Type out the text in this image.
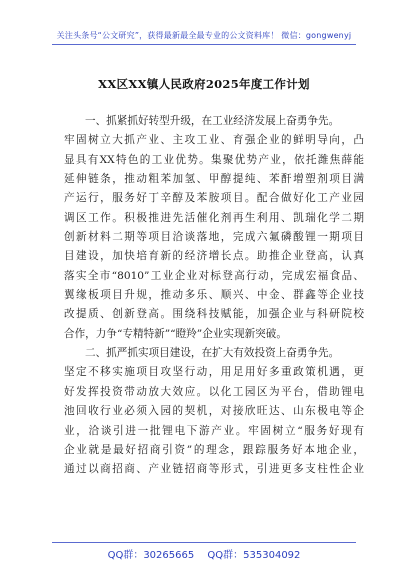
关注头条号“公文研究”，获得最新最全最专业的公文资料库！ 微信：gongwenyj
XX区XX镇人民政府2025年度工作计划
一、抓紧抓好转型升级，在工业经济发展上奋勇争先。
牢固树立大抓产业、主攻工业、育强企业的鲜明导向，凸
显具有XX特色的工业优势。集聚优势产业，依托潍焦薛能
延伸链条，推动粗苯加氢、甲醇提纯、苯酐增塑剂项目满
产运行，服务好丁辛醇及苯胺项目。配合做好化工产业园
调区工作。积极推进先活催化剂再生利用、凯瑞化学二期
创新材料二期等项目洽谈落地，完成六氟磷酸锂一期项目
目建设，加快培育新的经济增长点。助推企业登高，认真
落实全市“8010”工业企业对标登高行动，完成宏福食品、
翼缘板项目升规，推动多乐、顺兴、中金、群鑫等企业技
改提质、创新登高。围绕科技赋能，加强企业与科研院校
合作，力争“专精特新”“瞪羚”企业实现新突破。
二、抓严抓实项目建设，在扩大有效投资上奋勇争先。
坚定不移实施项目攻坚行动，用足用好多重政策机遇，更
好发挥投资带动放大效应。以化工园区为平台，借助锂电
池回收行业必须入园的契机，对接欣旺达、山东极电等企
业，洽谈引进一批锂电下游产业。牢固树立“服务好现有
企业就是最好招商引资”的理念，跟踪服务好本地企业，
通过以商招商、产业链招商等形式，引进更多支柱性企业
QQ群：30265665 QQ群：535304092
